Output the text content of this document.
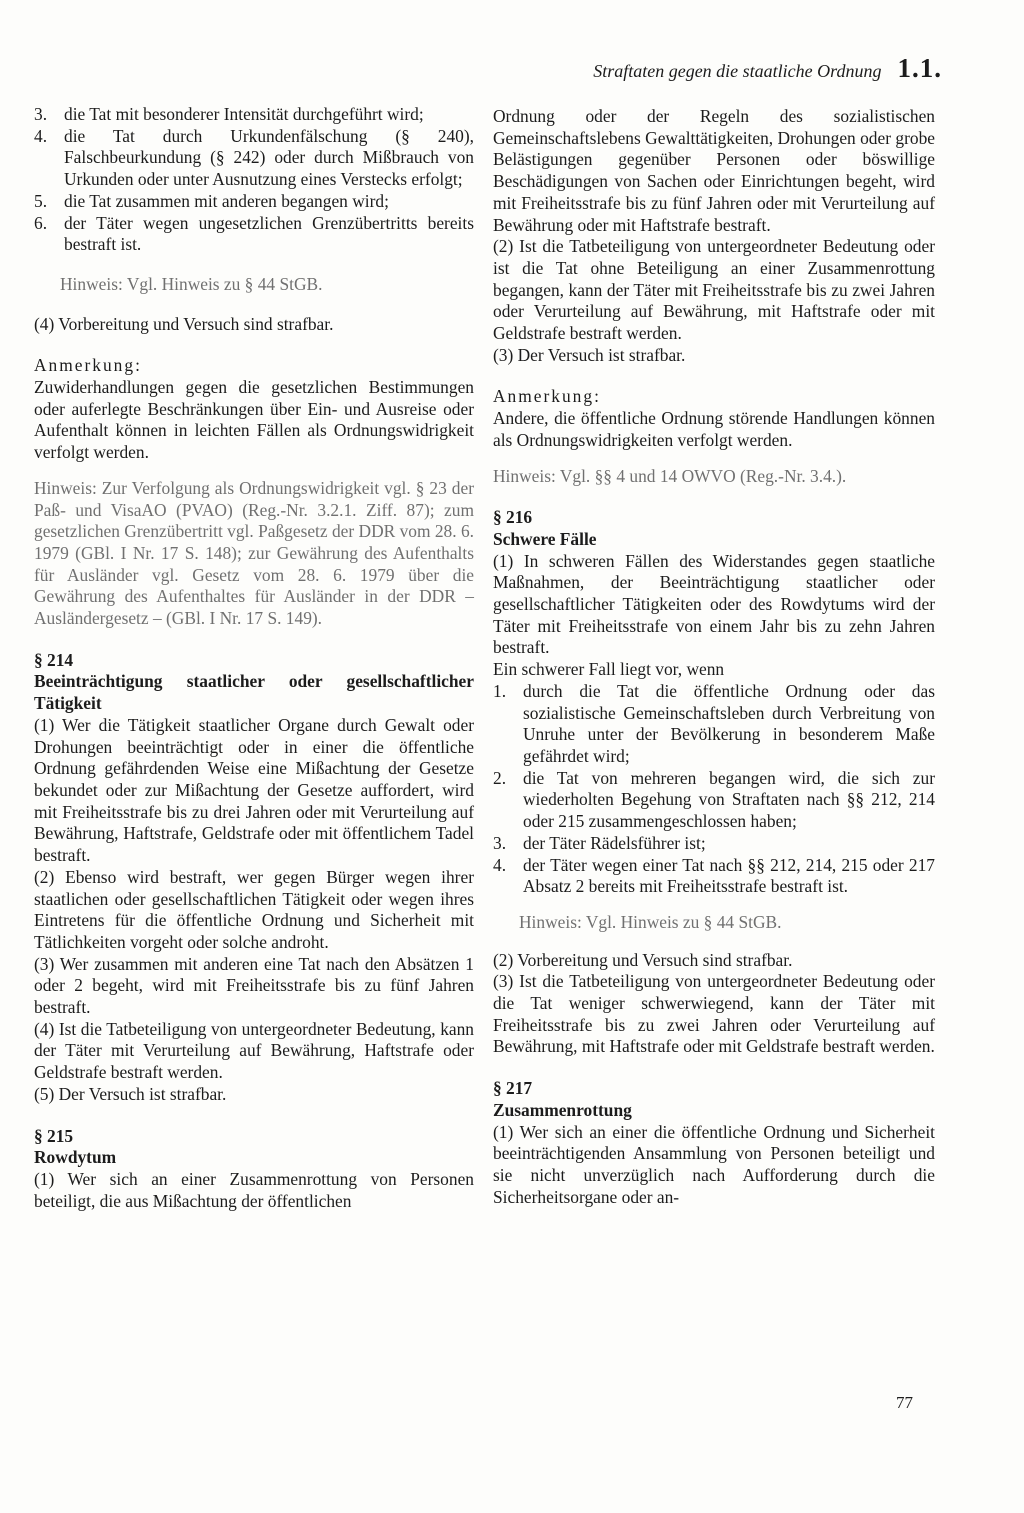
Straftaten gegen die staatliche Ordnung 1.1.
3. die Tat mit besonderer Intensität durchgeführt wird;
4. die Tat durch Urkundenfälschung (§ 240), Falschbeurkundung (§ 242) oder durch Mißbrauch von Urkunden oder unter Ausnutzung eines Verstecks erfolgt;
5. die Tat zusammen mit anderen begangen wird;
6. der Täter wegen ungesetzlichen Grenzübertritts bereits bestraft ist.

Hinweis: Vgl. Hinweis zu § 44 StGB.

(4) Vorbereitung und Versuch sind strafbar.

Anmerkung:

Zuwiderhandlungen gegen die gesetzlichen Bestimmungen oder auferlegte Beschränkungen über Ein- und Ausreise oder Aufenthalt können in leichten Fällen als Ordnungswidrigkeit verfolgt werden.

Hinweis: Zur Verfolgung als Ordnungswidrigkeit vgl. § 23 der Paß- und VisaAO (PVAO) (Reg.-Nr. 3.2.1. Ziff. 87); zum gesetzlichen Grenzübertritt vgl. Paßgesetz der DDR vom 28. 6. 1979 (GBl. I Nr. 17 S. 148); zur Gewährung des Aufenthalts für Ausländer vgl. Gesetz vom 28. 6. 1979 über die Gewährung des Aufenthaltes für Ausländer in der DDR – Ausländergesetz – (GBl. I Nr. 17 S. 149).

§ 214

Beeinträchtigung staatlicher oder gesellschaftlicher Tätigkeit

(1) Wer die Tätigkeit staatlicher Organe durch Gewalt oder Drohungen beeinträchtigt oder in einer die öffentliche Ordnung gefährdenden Weise eine Mißachtung der Gesetze bekundet oder zur Mißachtung der Gesetze auffordert, wird mit Freiheitsstrafe bis zu drei Jahren oder mit Verurteilung auf Bewährung, Haftstrafe, Geldstrafe oder mit öffentlichem Tadel bestraft.

(2) Ebenso wird bestraft, wer gegen Bürger wegen ihrer staatlichen oder gesellschaftlichen Tätigkeit oder wegen ihres Eintretens für die öffentliche Ordnung und Sicherheit mit Tätlichkeiten vorgeht oder solche androht.

(3) Wer zusammen mit anderen eine Tat nach den Absätzen 1 oder 2 begeht, wird mit Freiheitsstrafe bis zu fünf Jahren bestraft.

(4) Ist die Tatbeteiligung von untergeordneter Bedeutung, kann der Täter mit Verurteilung auf Bewährung, Haftstrafe oder Geldstrafe bestraft werden.

(5) Der Versuch ist strafbar.

§ 215

Rowdytum

(1) Wer sich an einer Zusammenrottung von Personen beteiligt, die aus Mißachtung der öffentlichen

Ordnung oder der Regeln des sozialistischen Gemeinschaftslebens Gewalttätigkeiten, Drohungen oder grobe Belästigungen gegenüber Personen oder böswillige Beschädigungen von Sachen oder Einrichtungen begeht, wird mit Freiheitsstrafe bis zu fünf Jahren oder mit Verurteilung auf Bewährung oder mit Haftstrafe bestraft.

(2) Ist die Tatbeteiligung von untergeordneter Bedeutung oder ist die Tat ohne Beteiligung an einer Zusammenrottung begangen, kann der Täter mit Freiheitsstrafe bis zu zwei Jahren oder Verurteilung auf Bewährung, mit Haftstrafe oder mit Geldstrafe bestraft werden.

(3) Der Versuch ist strafbar.

Anmerkung:

Andere, die öffentliche Ordnung störende Handlungen können als Ordnungswidrigkeiten verfolgt werden.

Hinweis: Vgl. §§ 4 und 14 OWVO (Reg.-Nr. 3.4.).

§ 216

Schwere Fälle

(1) In schweren Fällen des Widerstandes gegen staatliche Maßnahmen, der Beeinträchtigung staatlicher oder gesellschaftlicher Tätigkeiten oder des Rowdytums wird der Täter mit Freiheitsstrafe von einem Jahr bis zu zehn Jahren bestraft.

Ein schwerer Fall liegt vor, wenn

1. durch die Tat die öffentliche Ordnung oder das sozialistische Gemeinschaftsleben durch Verbreitung von Unruhe unter der Bevölkerung in besonderem Maße gefährdet wird;
2. die Tat von mehreren begangen wird, die sich zur wiederholten Begehung von Straftaten nach §§ 212, 214 oder 215 zusammengeschlossen haben;
3. der Täter Rädelsführer ist;
4. der Täter wegen einer Tat nach §§ 212, 214, 215 oder 217 Absatz 2 bereits mit Freiheitsstrafe bestraft ist.

Hinweis: Vgl. Hinweis zu § 44 StGB.

(2) Vorbereitung und Versuch sind strafbar.

(3) Ist die Tatbeteiligung von untergeordneter Bedeutung oder die Tat weniger schwerwiegend, kann der Täter mit Freiheitsstrafe bis zu zwei Jahren oder Verurteilung auf Bewährung, mit Haftstrafe oder mit Geldstrafe bestraft werden.

§ 217

Zusammenrottung

(1) Wer sich an einer die öffentliche Ordnung und Sicherheit beeinträchtigenden Ansammlung von Personen beteiligt und sie nicht unverzüglich nach Aufforderung durch die Sicherheitsorgane oder an-

77
